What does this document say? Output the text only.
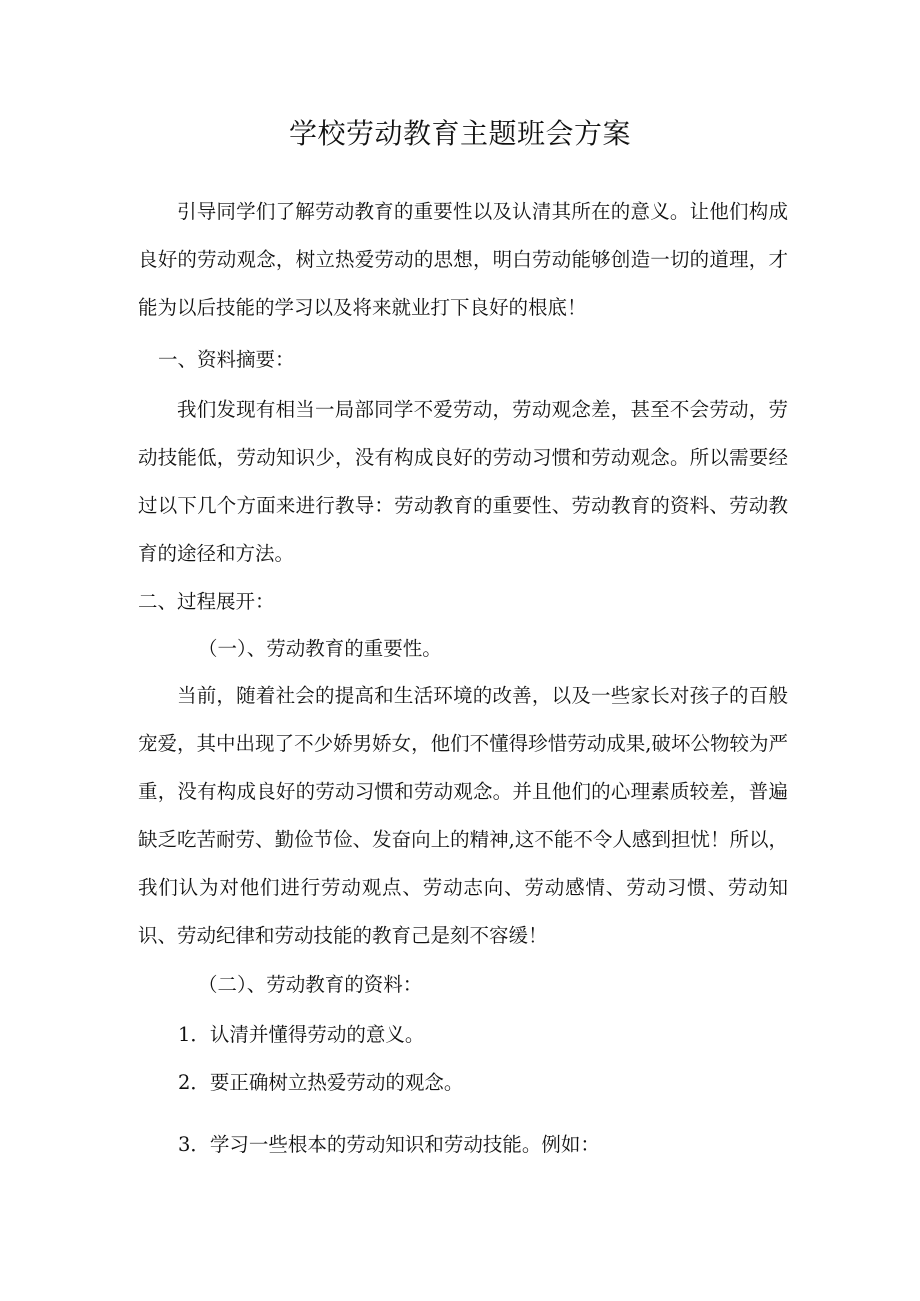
学校劳动教育主题班会方案
引导同学们了解劳动教育的重要性以及认清其所在的意义。让他们构成良好的劳动观念，树立热爱劳动的思想，明白劳动能够创造一切的道理，才能为以后技能的学习以及将来就业打下良好的根底！
一、资料摘要：
我们发现有相当一局部同学不爱劳动，劳动观念差，甚至不会劳动，劳动技能低，劳动知识少，没有构成良好的劳动习惯和劳动观念。所以需要经过以下几个方面来进行教导：劳动教育的重要性、劳动教育的资料、劳动教育的途径和方法。
二、过程展开：
（一）、劳动教育的重要性。
当前，随着社会的提高和生活环境的改善，以及一些家长对孩子的百般宠爱，其中出现了不少娇男娇女，他们不懂得珍惜劳动成果,破坏公物较为严重，没有构成良好的劳动习惯和劳动观念。并且他们的心理素质较差，普遍缺乏吃苦耐劳、勤俭节俭、发奋向上的精神,这不能不令人感到担忧！所以，我们认为对他们进行劳动观点、劳动志向、劳动感情、劳动习惯、劳动知识、劳动纪律和劳动技能的教育己是刻不容缓！
（二）、劳动教育的资料：
1．认清并懂得劳动的意义。
2．要正确树立热爱劳动的观念。
3．学习一些根本的劳动知识和劳动技能。例如：
